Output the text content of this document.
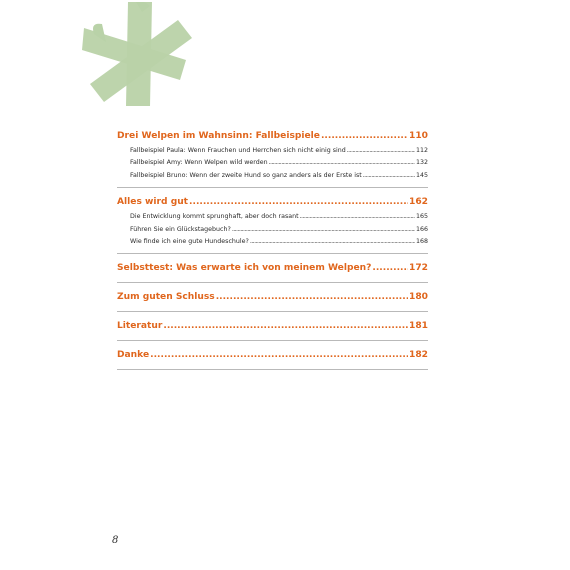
Drei Welpen im Wahnsinn: Fallbeispiele .....	110
Fallbeispiel Paula: Wenn Frauchen und Herrchen sich nicht einig sind .....	112
Fallbeispiel Amy: Wenn Welpen wild werden .....	132
Fallbeispiel Bruno: Wenn der zweite Hund so ganz anders als der Erste ist .....	145
Alles wird gut .....	162
Die Entwicklung kommt sprunghaft, aber doch rasant .....	165
Führen Sie ein Glückstagebuch? .....	166
Wie finde ich eine gute Hundeschule? .....	168
Selbsttest: Was erwarte ich von meinem Welpen? .....	172
Zum guten Schluss .....	180
Literatur .....	181
Danke .....	182
8
